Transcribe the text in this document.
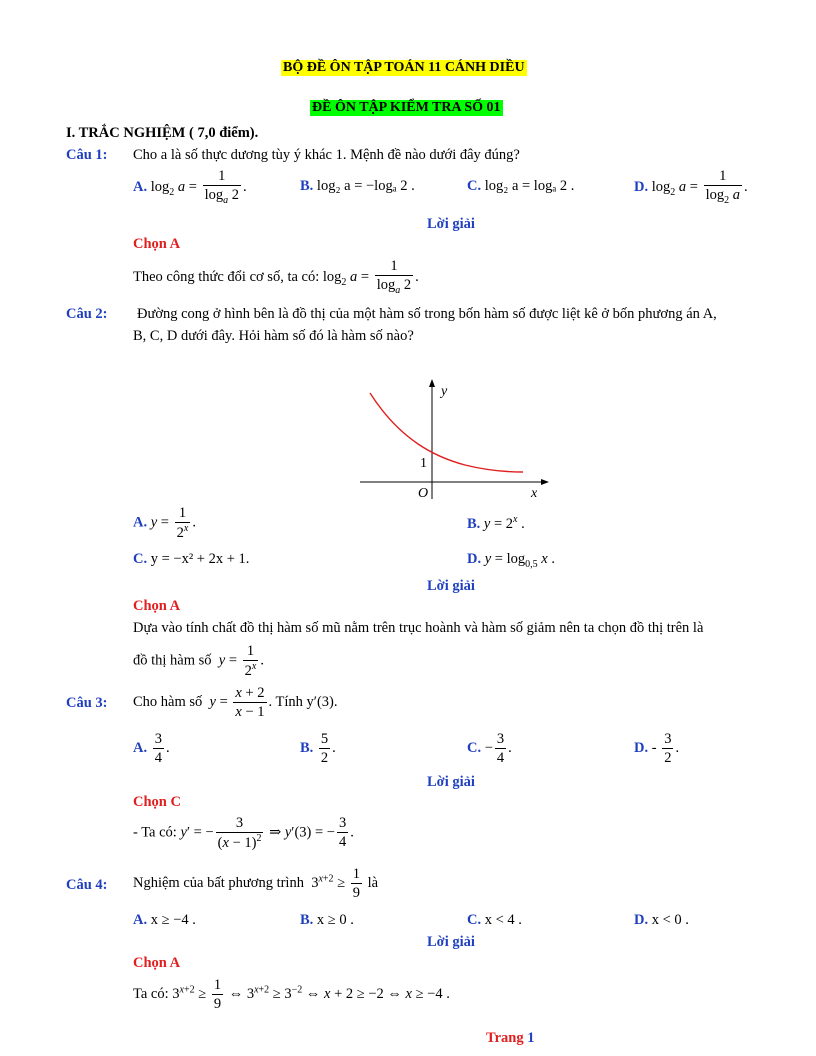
BỘ ĐỀ ÔN TẬP TOÁN 11 CÁNH DIỀU
ĐỀ ÔN TẬP KIỂM TRA SỐ 01
I. TRẮC NGHIỆM ( 7,0 điểm).
Câu 1: Cho a là số thực dương tùy ý khác 1. Mệnh đề nào dưới đây đúng?
A. $\log_2 a = \frac{1}{\log_a 2}$ .	B. log₂ a = −logₐ 2 .	C. log₂ a = logₐ 2 .	D. $\log_2 a = \frac{1}{\log_2 a}$ .
Lời giải
Chọn A
Theo công thức đổi cơ số, ta có: $\log_2 a = \frac{1}{\log_a 2}$ .
Câu 2: Đường cong ở hình bên là đồ thị của một hàm số trong bốn hàm số được liệt kê ở bốn phương án A,
B, C, D dưới đây. Hỏi hàm số đó là hàm số nào?
y
x
O
1
A. $y = \frac{1}{2^x}$ .	B. $y = 2^x$ .
C. y = −x² + 2x + 1.	D. $y = \log_{0,5} x$ .
Lời giải
Chọn A
Dựa vào tính chất đồ thị hàm số mũ nằm trên trục hoành và hàm số giảm nên ta chọn đồ thị trên là
đồ thị hàm số $y = \frac{1}{2^x}$ .
Câu 3: Cho hàm số $y = \frac{x + 2}{x - 1}$ . Tính y′(3).
A. $\frac{3}{4}$ .	B. $\frac{5}{2}$ .	C. − $\frac{3}{4}$ .	D. - $\frac{3}{2}$ .
Lời giải
Chọn C
- Ta có: y′ = − $\frac{3}{(x - 1)^2}$ ⇒ y′(3) = − $\frac{3}{4}$ .
Câu 4: Nghiệm của bất phương trình  $3^{x+2} \ge \frac{1}{9}$ là
A. x ≥ −4 .	B. x ≥ 0 .	C. x < 4 .	D. x < 0 .
Lời giải
Chọn A
Ta có: $3^{x+2} \ge \frac{1}{9}$ ⇔ $3^{x+2} \ge 3^{-2}$ ⇔ x + 2 ≥ −2 ⇔ x ≥ −4 .
Trang 1
